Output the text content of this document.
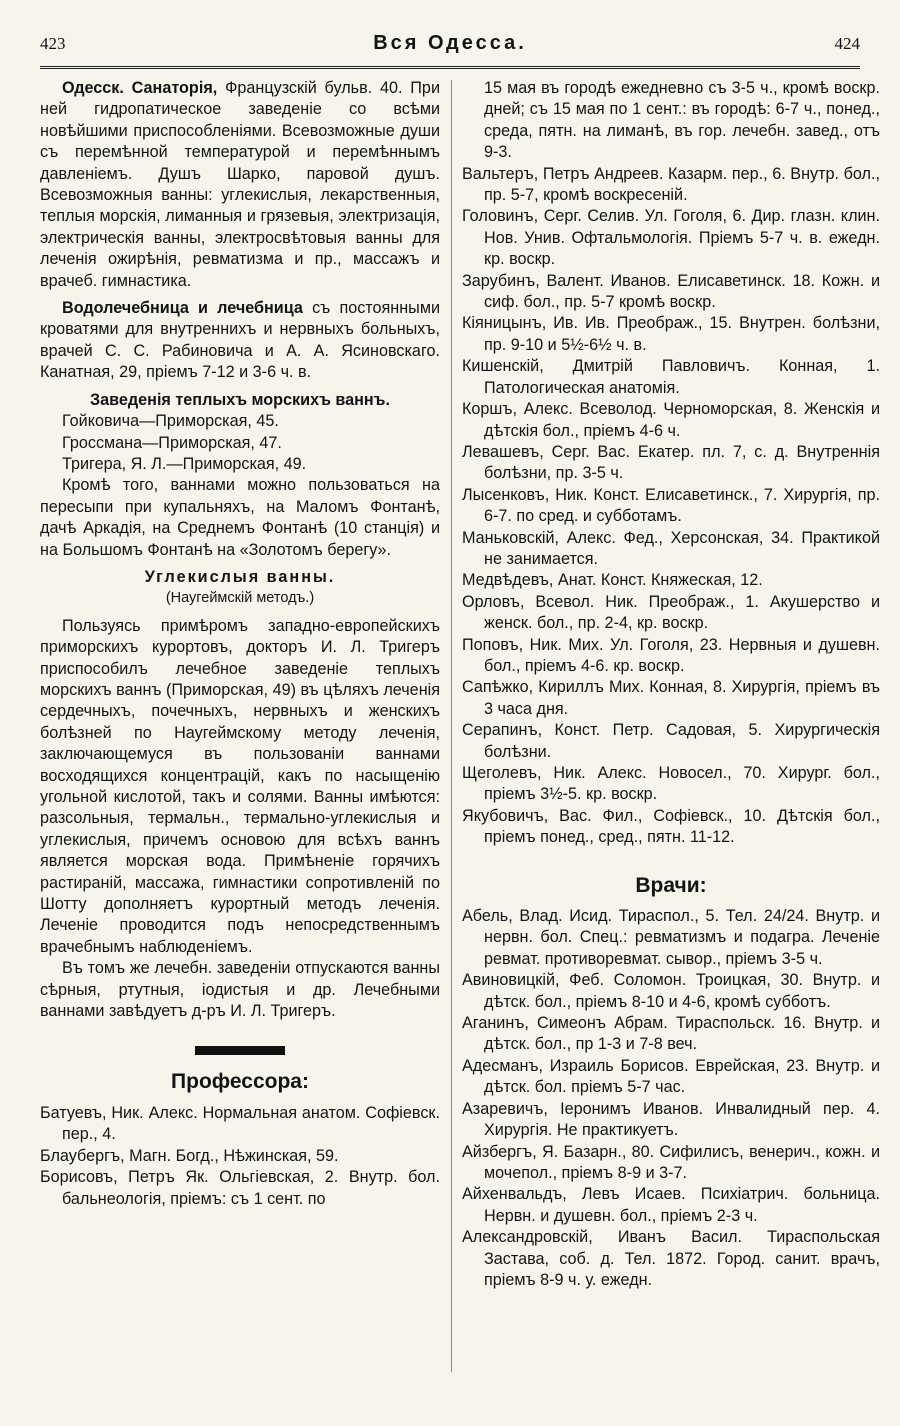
423	Вся Одесса.	424

Одесск. Санаторія, Французскій бульв. 40. При ней гидропатическое заведеніе со всѣми новѣйшими приспособленіями. Всевозможные души съ перемѣнной температурой и перемѣннымъ давленіемъ. Душъ Шарко, паровой душъ. Всевозможныя ванны: углекислыя, лекарственныя, теплыя морскія, лиманныя и грязевыя, электризація, электрическія ванны, электросвѣтовыя ванны для леченія ожирѣнія, ревматизма и пр., массажъ и врачеб. гимнастика.

Водолечебница и лечебница съ постоянными кроватями для внутреннихъ и нервныхъ больныхъ, врачей С. С. Рабиновича и А. А. Ясиновскаго. Канатная, 29, пріемъ 7-12 и 3-6 ч. в.

Заведенія теплыхъ морскихъ ваннъ.

Гойковича—Приморская, 45.

Гроссмана—Приморская, 47.

Тригера, Я. Л.—Приморская, 49.

Кромѣ того, ваннами можно пользоваться на пересыпи при купальняхъ, на Маломъ Фонтанѣ, дачѣ Аркадія, на Среднемъ Фонтанѣ (10 станція) и на Большомъ Фонтанѣ на «Золотомъ берегу».

Углекислыя ванны.

(Наугеймскій методъ.)

Пользуясь примѣромъ западно-европейскихъ приморскихъ курортовъ, докторъ И. Л. Тригеръ приспособилъ лечебное заведеніе теплыхъ морскихъ ваннъ (Приморская, 49) въ цѣляхъ леченія сердечныхъ, почечныхъ, нервныхъ и женскихъ болѣзней по Наугеймскому методу леченія, заключающемуся въ пользованіи ваннами восходящихся концентрацій, какъ по насыщенію угольной кислотой, такъ и солями. Ванны имѣются: разсольныя, термальн., термально-углекислыя и углекислыя, причемъ основою для всѣхъ ваннъ является морская вода. Примѣненіе горячихъ растираній, массажа, гимнастики сопротивленій по Шотту дополняетъ курортный методъ леченія. Леченіе проводится подъ непосредственнымъ врачебнымъ наблюденіемъ.

Въ томъ же лечебн. заведеніи отпускаются ванны сѣрныя, ртутныя, іодистыя и др. Лечебными ваннами завѣдуетъ д-ръ И. Л. Тригеръ.

Профессора:

Батуевъ, Ник. Алекс. Нормальная анатом. Софіевск. пер., 4.

Блаубергъ, Магн. Богд., Нѣжинская, 59.

Борисовъ, Петръ Як. Ольгіевская, 2. Внутр. бол. бальнеологія, пріемъ: съ 1 сент. по

15 мая въ городѣ ежедневно съ 3-5 ч., кромѣ воскр. дней; съ 15 мая по 1 сент.: въ городѣ: 6-7 ч., понед., среда, пятн. на лиманѣ, въ гор. лечебн. завед., отъ 9-3.

Вальтеръ, Петръ Андреев. Казарм. пер., 6. Внутр. бол., пр. 5-7, кромѣ воскресеній.

Головинъ, Серг. Селив. Ул. Гоголя, 6. Дир. глазн. клин. Нов. Унив. Офтальмологія. Пріемъ 5-7 ч. в. ежедн. кр. воскр.

Зарубинъ, Валент. Иванов. Елисаветинск. 18. Кожн. и сиф. бол., пр. 5-7 кромѣ воскр.

Кіяницынъ, Ив. Ив. Преображ., 15. Внутрен. болѣзни, пр. 9-10 и 5½-6½ ч. в.

Кишенскій, Дмитрій Павловичъ. Конная, 1. Патологическая анатомія.

Коршъ, Алекс. Всеволод. Черноморская, 8. Женскія и дѣтскія бол., пріемъ 4-6 ч.

Левашевъ, Серг. Вас. Екатер. пл. 7, с. д. Внутреннія болѣзни, пр. 3-5 ч.

Лысенковъ, Ник. Конст. Елисаветинск., 7. Хирургія, пр. 6-7. по сред. и субботамъ.

Маньковскій, Алекс. Фед., Херсонская, 34. Практикой не занимается.

Медвѣдевъ, Анат. Конст. Княжеская, 12.

Орловъ, Всевол. Ник. Преображ., 1. Акушерство и женск. бол., пр. 2-4, кр. воскр.

Поповъ, Ник. Мих. Ул. Гоголя, 23. Нервныя и душевн. бол., пріемъ 4-6. кр. воскр.

Сапѣжко, Кириллъ Мих. Конная, 8. Хирургія, пріемъ въ 3 часа дня.

Серапинъ, Конст. Петр. Садовая, 5. Хирургическія болѣзни.

Щеголевъ, Ник. Алекс. Новосел., 70. Хирург. бол., пріемъ 3½-5. кр. воскр.

Якубовичъ, Вас. Фил., Софіевск., 10. Дѣтскія бол., пріемъ понед., сред., пятн. 11-12.

Врачи:

Абель, Влад. Исид. Тираспол., 5. Тел. 24/24. Внутр. и нервн. бол. Спец.: ревматизмъ и подагра. Леченіе ревмат. противоревмат. сывор., пріемъ 3-5 ч.

Авиновицкій, Феб. Соломон. Троицкая, 30. Внутр. и дѣтск. бол., пріемъ 8-10 и 4-6, кромѣ субботъ.

Аганинъ, Симеонъ Абрам. Тираспольск. 16. Внутр. и дѣтск. бол., пр 1-3 и 7-8 веч.

Адесманъ, Израиль Борисов. Еврейская, 23. Внутр. и дѣтск. бол. пріемъ 5-7 час.

Азаревичъ, Іеронимъ Иванов. Инвалидный пер. 4. Хирургія. Не практикуетъ.

Айзбергъ, Я. Базарн., 80. Сифилисъ, венерич., кожн. и мочепол., пріемъ 8-9 и 3-7.

Айхенвальдъ, Левъ Исаев. Психіатрич. больница. Нервн. и душевн. бол., пріемъ 2-3 ч.

Александровскій, Иванъ Васил. Тираспольская Застава, соб. д. Тел. 1872. Город. санит. врачъ, пріемъ 8-9 ч. у. ежедн.
